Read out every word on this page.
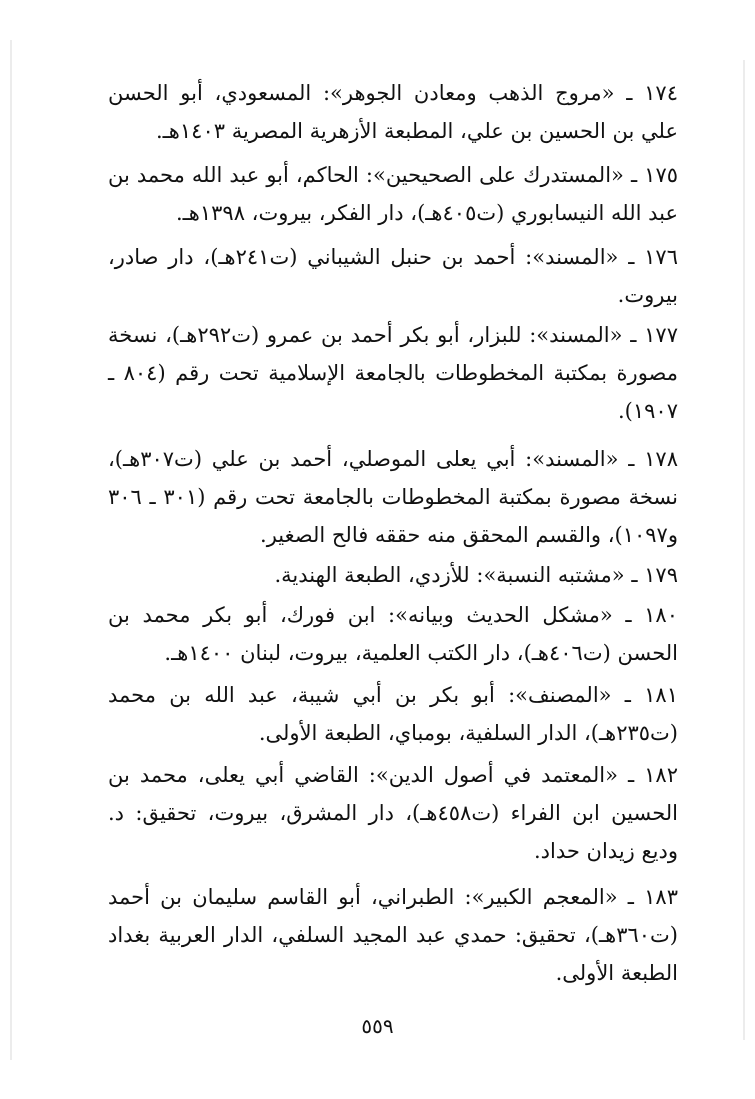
١٧٤ ـ «مروج الذهب ومعادن الجوهر»: المسعودي، أبو الحسن علي بن الحسين بن علي، المطبعة الأزهرية المصرية ١٤٠٣هـ.
١٧٥ ـ «المستدرك على الصحيحين»: الحاكم، أبو عبد الله محمد بن عبد الله النيسابوري (ت٤٠٥هـ)، دار الفكر، بيروت، ١٣٩٨هـ.
١٧٦ ـ «المسند»: أحمد بن حنبل الشيباني (ت٢٤١هـ)، دار صادر، بيروت.
١٧٧ ـ «المسند»: للبزار، أبو بكر أحمد بن عمرو (ت٢٩٢هـ)، نسخة مصورة بمكتبة المخطوطات بالجامعة الإسلامية تحت رقم (٨٠٤ ـ ١٩٠٧).
١٧٨ ـ «المسند»: أبي يعلى الموصلي، أحمد بن علي (ت٣٠٧هـ)، نسخة مصورة بمكتبة المخطوطات بالجامعة تحت رقم (٣٠١ ـ ٣٠٦ و١٠٩٧)، والقسم المحقق منه حققه فالح الصغير.
١٧٩ ـ «مشتبه النسبة»: للأزدي، الطبعة الهندية.
١٨٠ ـ «مشكل الحديث وبيانه»: ابن فورك، أبو بكر محمد بن الحسن (ت٤٠٦هـ)، دار الكتب العلمية، بيروت، لبنان ١٤٠٠هـ.
١٨١ ـ «المصنف»: أبو بكر بن أبي شيبة، عبد الله بن محمد (ت٢٣٥هـ)، الدار السلفية، بومباي، الطبعة الأولى.
١٨٢ ـ «المعتمد في أصول الدين»: القاضي أبي يعلى، محمد بن الحسين ابن الفراء (ت٤٥٨هـ)، دار المشرق، بيروت، تحقيق: د. وديع زيدان حداد.
١٨٣ ـ «المعجم الكبير»: الطبراني، أبو القاسم سليمان بن أحمد (ت٣٦٠هـ)، تحقيق: حمدي عبد المجيد السلفي، الدار العربية بغداد الطبعة الأولى.
٥٥٩
